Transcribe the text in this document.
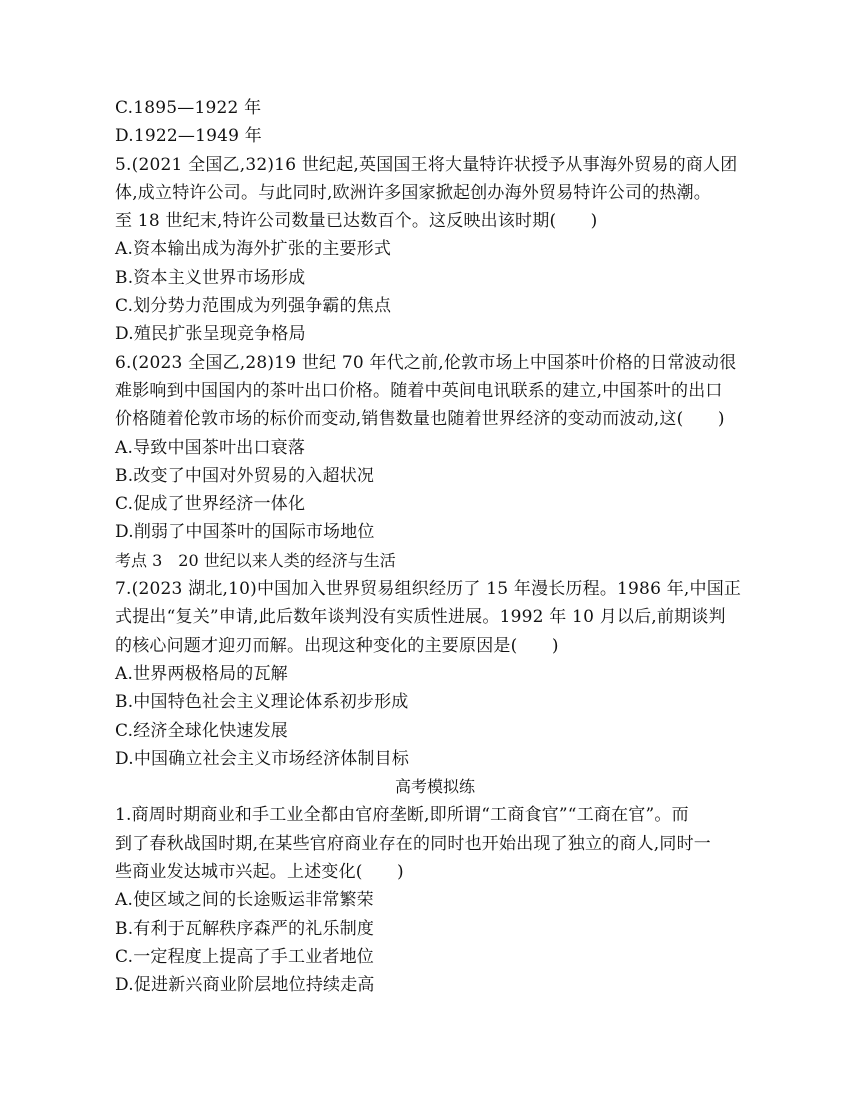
C.1895—1922 年
D.1922—1949 年
5.(2021 全国乙,32)16 世纪起,英国国王将大量特许状授予从事海外贸易的商人团
体,成立特许公司。与此同时,欧洲许多国家掀起创办海外贸易特许公司的热潮。
至 18 世纪末,特许公司数量已达数百个。这反映出该时期(　　)
A.资本输出成为海外扩张的主要形式
B.资本主义世界市场形成
C.划分势力范围成为列强争霸的焦点
D.殖民扩张呈现竞争格局
6.(2023 全国乙,28)19 世纪 70 年代之前,伦敦市场上中国茶叶价格的日常波动很
难影响到中国国内的茶叶出口价格。随着中英间电讯联系的建立,中国茶叶的出口
价格随着伦敦市场的标价而变动,销售数量也随着世界经济的变动而波动,这(　　)
A.导致中国茶叶出口衰落
B.改变了中国对外贸易的入超状况
C.促成了世界经济一体化
D.削弱了中国茶叶的国际市场地位
考点 3　20 世纪以来人类的经济与生活
7.(2023 湖北,10)中国加入世界贸易组织经历了 15 年漫长历程。1986 年,中国正
式提出“复关”申请,此后数年谈判没有实质性进展。1992 年 10 月以后,前期谈判
的核心问题才迎刃而解。出现这种变化的主要原因是(　　)
A.世界两极格局的瓦解
B.中国特色社会主义理论体系初步形成
C.经济全球化快速发展
D.中国确立社会主义市场经济体制目标
高考模拟练
1.商周时期商业和手工业全都由官府垄断,即所谓“工商食官”“工商在官”。而
到了春秋战国时期,在某些官府商业存在的同时也开始出现了独立的商人,同时一
些商业发达城市兴起。上述变化(　　)
A.使区域之间的长途贩运非常繁荣
B.有利于瓦解秩序森严的礼乐制度
C.一定程度上提高了手工业者地位
D.促进新兴商业阶层地位持续走高
